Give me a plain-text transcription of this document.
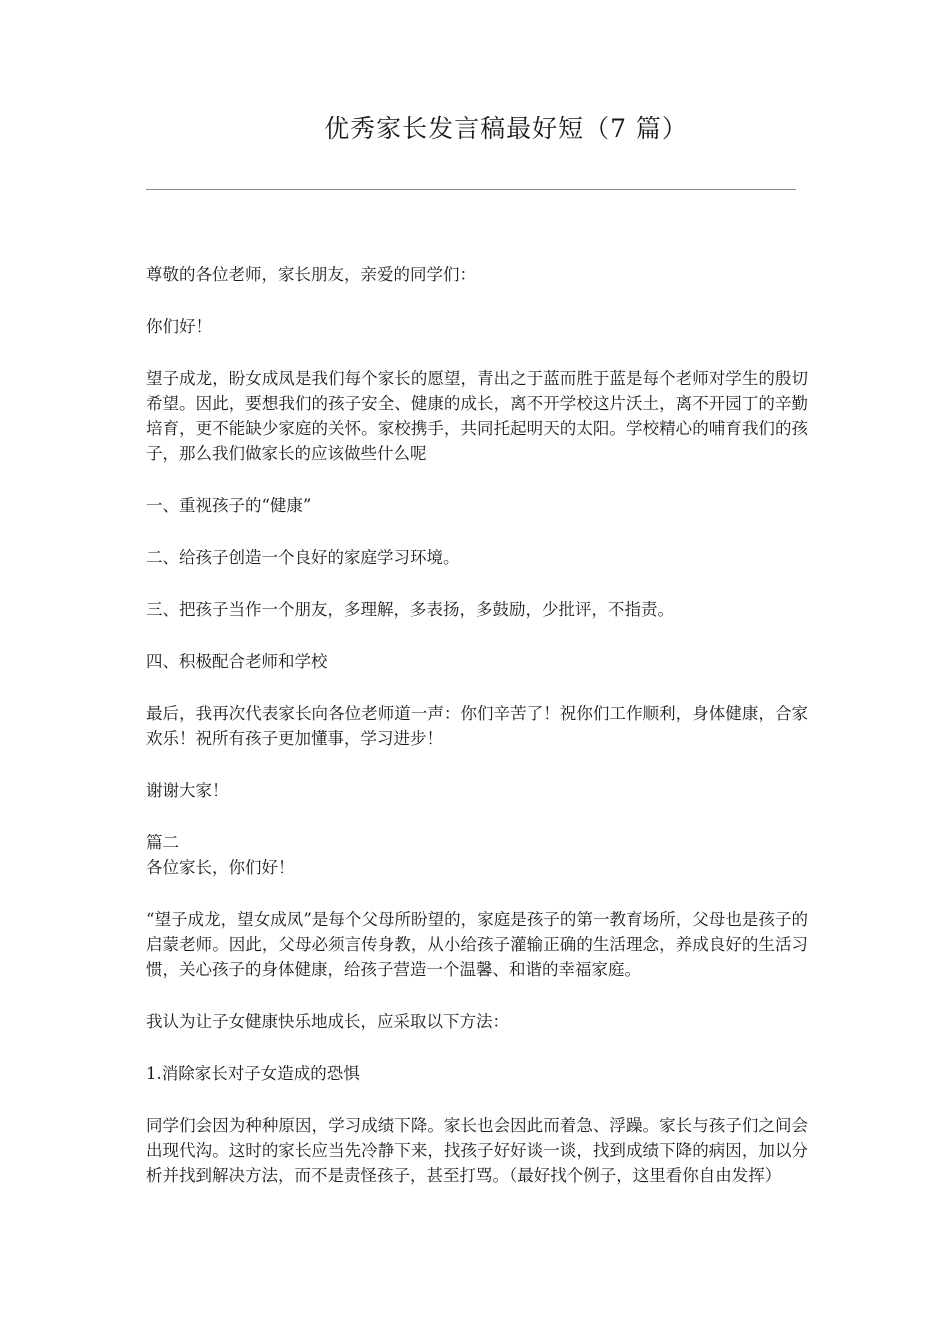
优秀家长发言稿最好短（7 篇）

尊敬的各位老师，家长朋友，亲爱的同学们：

你们好！

望子成龙，盼女成凤是我们每个家长的愿望，青出之于蓝而胜于蓝是每个老师对学生的殷切希望。因此，要想我们的孩子安全、健康的成长，离不开学校这片沃土，离不开园丁的辛勤培育，更不能缺少家庭的关怀。家校携手，共同托起明天的太阳。学校精心的哺育我们的孩子，那么我们做家长的应该做些什么呢

一、重视孩子的“健康”

二、给孩子创造一个良好的家庭学习环境。

三、把孩子当作一个朋友，多理解，多表扬，多鼓励，少批评，不指责。

四、积极配合老师和学校

最后，我再次代表家长向各位老师道一声：你们辛苦了！祝你们工作顺利，身体健康，合家欢乐！祝所有孩子更加懂事，学习进步！

谢谢大家！

篇二

各位家长，你们好！

“望子成龙，望女成凤”是每个父母所盼望的，家庭是孩子的第一教育场所，父母也是孩子的启蒙老师。因此，父母必须言传身教，从小给孩子灌输正确的生活理念，养成良好的生活习惯，关心孩子的身体健康，给孩子营造一个温馨、和谐的幸福家庭。

我认为让子女健康快乐地成长，应采取以下方法：

1.消除家长对子女造成的恐惧

同学们会因为种种原因，学习成绩下降。家长也会因此而着急、浮躁。家长与孩子们之间会出现代沟。这时的家长应当先冷静下来，找孩子好好谈一谈，找到成绩下降的病因，加以分析并找到解决方法，而不是责怪孩子，甚至打骂。（最好找个例子，这里看你自由发挥）
